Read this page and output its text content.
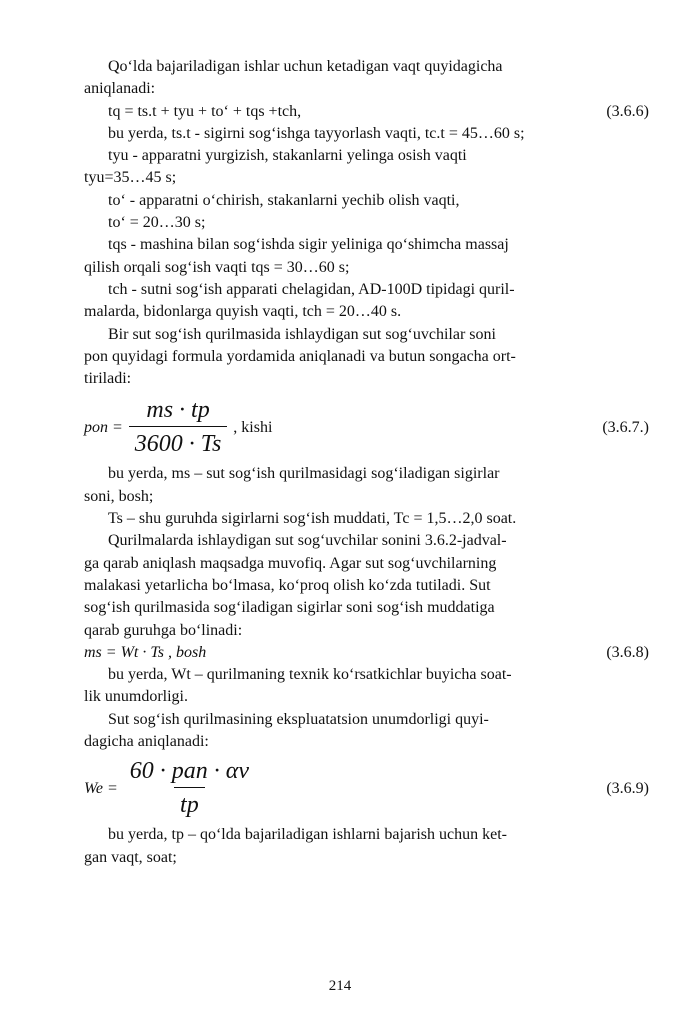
Qo‘lda bajariladigan ishlar uchun ketadigan vaqt quyidagicha

aniqlanadi:

tq = ts.t + tyu + to‘ + tqs +tch,	(3.6.6)

bu yerda, ts.t - sigirni sog‘ishga tayyorlash vaqti, tc.t = 45…60 s;

tyu - apparatni yurgizish, stakanlarni yelinga osish vaqti

tyu=35…45 s;

to‘ - apparatni o‘chirish, stakanlarni yechib olish vaqti,

to‘ = 20…30 s;

tqs - mashina bilan sog‘ishda sigir yeliniga qo‘shimcha massaj

qilish orqali sog‘ish vaqti tqs = 30…60 s;

tch - sutni sog‘ish apparati chelagidan, AD-100D tipidagi quril-

malarda, bidonlarga quyish vaqti, tch = 20…40 s.

Bir sut sog‘ish qurilmasida ishlaydigan sut sog‘uvchilar soni

pon quyidagi formula yordamida aniqlanadi va butun songacha ort-

tiriladi:

pon = $\frac{ms \cdot tp}{3600 \cdot Ts}$ , kishi	(3.6.7.)

bu yerda, ms – sut sog‘ish qurilmasidagi sog‘iladigan sigirlar

soni, bosh;

Ts – shu guruhda sigirlarni sog‘ish muddati, Tc = 1,5…2,0 soat.

Qurilmalarda ishlaydigan sut sog‘uvchilar sonini 3.6.2-jadval-

ga qarab aniqlash maqsadga muvofiq. Agar sut sog‘uvchilarning

malakasi yetarlicha bo‘lmasa, ko‘proq olish ko‘zda tutiladi. Sut

sog‘ish qurilmasida sog‘iladigan sigirlar soni sog‘ish muddatiga

qarab guruhga bo‘linadi:

ms = Wt · Ts , bosh	(3.6.8)

bu yerda, Wt – qurilmaning texnik ko‘rsatkichlar buyicha soat-

lik unumdorligi.

Sut sog‘ish qurilmasining ekspluatatsion unumdorligi quyi-

dagicha aniqlanadi:

$We = \frac{\text{60 · pan · αv}}{tp}$	(3.6.9)

bu yerda, tp – qo‘lda bajariladigan ishlarni bajarish uchun ket-

gan vaqt, soat;

214
